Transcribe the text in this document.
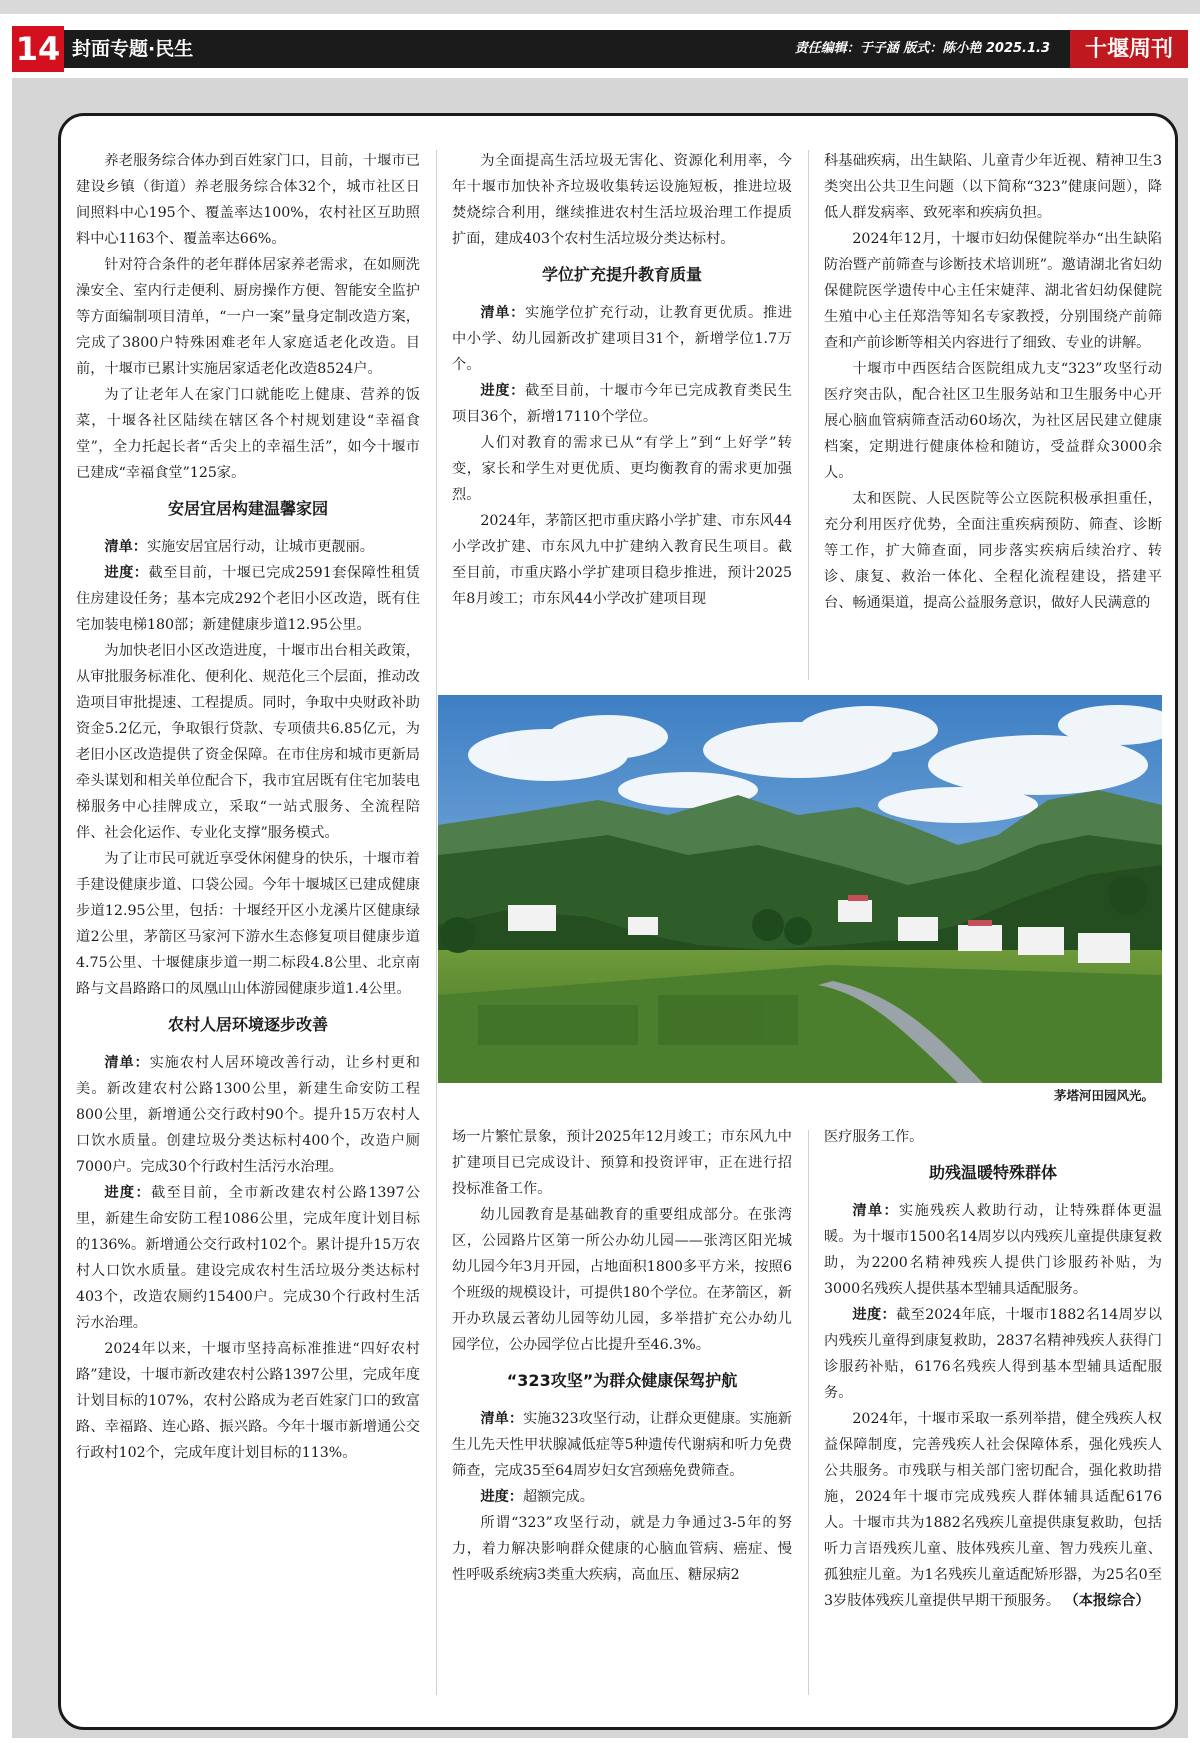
14 封面专题·民生	责任编辑：于子涵 版式：陈小艳 2025.1.3	十堰周刊

养老服务综合体办到百姓家门口，目前，十堰市已建设乡镇（街道）养老服务综合体32个，城市社区日间照料中心195个、覆盖率达100%，农村社区互助照料中心1163个、覆盖率达66%。

针对符合条件的老年群体居家养老需求，在如厕洗澡安全、室内行走便利、厨房操作方便、智能安全监护等方面编制项目清单，“一户一案”量身定制改造方案，完成了3800户特殊困难老年人家庭适老化改造。目前，十堰市已累计实施居家适老化改造8524户。

为了让老年人在家门口就能吃上健康、营养的饭菜，十堰各社区陆续在辖区各个村规划建设“幸福食堂”，全力托起长者“舌尖上的幸福生活”，如今十堰市已建成“幸福食堂”125家。

安居宜居构建温馨家园

清单：实施安居宜居行动，让城市更靓丽。

进度：截至目前，十堰已完成2591套保障性租赁住房建设任务；基本完成292个老旧小区改造，既有住宅加装电梯180部；新建健康步道12.95公里。

为加快老旧小区改造进度，十堰市出台相关政策，从审批服务标准化、便利化、规范化三个层面，推动改造项目审批提速、工程提质。同时，争取中央财政补助资金5.2亿元，争取银行贷款、专项债共6.85亿元，为老旧小区改造提供了资金保障。在市住房和城市更新局牵头谋划和相关单位配合下，我市宜居既有住宅加装电梯服务中心挂牌成立，采取“一站式服务、全流程陪伴、社会化运作、专业化支撑”服务模式。

为了让市民可就近享受休闲健身的快乐，十堰市着手建设健康步道、口袋公园。今年十堰城区已建成健康步道12.95公里，包括：十堰经开区小龙溪片区健康绿道2公里，茅箭区马家河下游水生态修复项目健康步道4.75公里、十堰健康步道一期二标段4.8公里、北京南路与文昌路路口的凤凰山山体游园健康步道1.4公里。

农村人居环境逐步改善

清单：实施农村人居环境改善行动，让乡村更和美。新改建农村公路1300公里，新建生命安防工程800公里，新增通公交行政村90个。提升15万农村人口饮水质量。创建垃圾分类达标村400个，改造户厕7000户。完成30个行政村生活污水治理。

进度：截至目前，全市新改建农村公路1397公里，新建生命安防工程1086公里，完成年度计划目标的136%。新增通公交行政村102个。累计提升15万农村人口饮水质量。建设完成农村生活垃圾分类达标村403个，改造农厕约15400户。完成30个行政村生活污水治理。

2024年以来，十堰市坚持高标准推进“四好农村路”建设，十堰市新改建农村公路1397公里，完成年度计划目标的107%，农村公路成为老百姓家门口的致富路、幸福路、连心路、振兴路。今年十堰市新增通公交行政村102个，完成年度计划目标的113%。

为全面提高生活垃圾无害化、资源化利用率，今年十堰市加快补齐垃圾收集转运设施短板，推进垃圾焚烧综合利用，继续推进农村生活垃圾治理工作提质扩面，建成403个农村生活垃圾分类达标村。

学位扩充提升教育质量

清单：实施学位扩充行动，让教育更优质。推进中小学、幼儿园新改扩建项目31个，新增学位1.7万个。

进度：截至目前，十堰市今年已完成教育类民生项目36个，新增17110个学位。

人们对教育的需求已从“有学上”到“上好学”转变，家长和学生对更优质、更均衡教育的需求更加强烈。

2024年，茅箭区把市重庆路小学扩建、市东风44小学改扩建、市东风九中扩建纳入教育民生项目。截至目前，市重庆路小学扩建项目稳步推进，预计2025年8月竣工；市东风44小学改扩建项目现

科基础疾病，出生缺陷、儿童青少年近视、精神卫生3类突出公共卫生问题（以下简称“323”健康问题），降低人群发病率、致死率和疾病负担。

2024年12月，十堰市妇幼保健院举办“出生缺陷防治暨产前筛查与诊断技术培训班”。邀请湖北省妇幼保健院医学遗传中心主任宋婕萍、湖北省妇幼保健院生殖中心主任郑浩等知名专家教授，分别围绕产前筛查和产前诊断等相关内容进行了细致、专业的讲解。

十堰市中西医结合医院组成九支“323”攻坚行动医疗突击队，配合社区卫生服务站和卫生服务中心开展心脑血管病筛查活动60场次，为社区居民建立健康档案，定期进行健康体检和随访，受益群众3000余人。

太和医院、人民医院等公立医院积极承担重任，充分利用医疗优势，全面注重疾病预防、筛查、诊断等工作，扩大筛查面，同步落实疾病后续治疗、转诊、康复、救治一体化、全程化流程建设，搭建平台、畅通渠道，提高公益服务意识，做好人民满意的

茅塔河田园风光。

场一片繁忙景象，预计2025年12月竣工；市东风九中扩建项目已完成设计、预算和投资评审，正在进行招投标准备工作。

幼儿园教育是基础教育的重要组成部分。在张湾区，公园路片区第一所公办幼儿园——张湾区阳光城幼儿园今年3月开园，占地面积1800多平方米，按照6个班级的规模设计，可提供180个学位。在茅箭区，新开办玖晟云著幼儿园等幼儿园，多举措扩充公办幼儿园学位，公办园学位占比提升至46.3%。

“323攻坚”为群众健康保驾护航

清单：实施323攻坚行动，让群众更健康。实施新生儿先天性甲状腺减低症等5种遗传代谢病和听力免费筛查，完成35至64周岁妇女宫颈癌免费筛查。

进度：超额完成。

所谓“323”攻坚行动，就是力争通过3-5年的努力，着力解决影响群众健康的心脑血管病、癌症、慢性呼吸系统病3类重大疾病，高血压、糖尿病2

医疗服务工作。

助残温暖特殊群体

清单：实施残疾人救助行动，让特殊群体更温暖。为十堰市1500名14周岁以内残疾儿童提供康复救助，为2200名精神残疾人提供门诊服药补贴，为3000名残疾人提供基本型辅具适配服务。

进度：截至2024年底，十堰市1882名14周岁以内残疾儿童得到康复救助，2837名精神残疾人获得门诊服药补贴，6176名残疾人得到基本型辅具适配服务。

2024年，十堰市采取一系列举措，健全残疾人权益保障制度，完善残疾人社会保障体系，强化残疾人公共服务。市残联与相关部门密切配合，强化救助措施，2024年十堰市完成残疾人群体辅具适配6176人。十堰市共为1882名残疾儿童提供康复救助，包括听力言语残疾儿童、肢体残疾儿童、智力残疾儿童、孤独症儿童。为1名残疾儿童适配矫形器，为25名0至3岁肢体残疾儿童提供早期干预服务。 （本报综合）
